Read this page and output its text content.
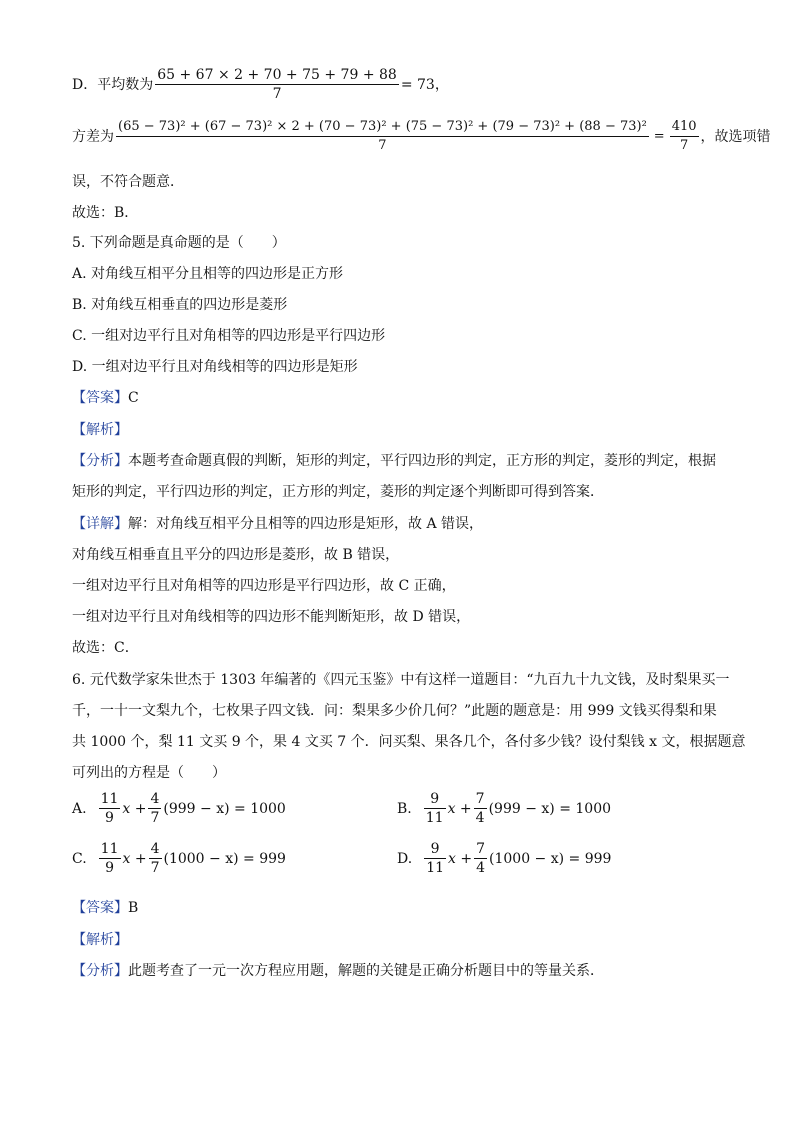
D．平均数为 $\frac{65 + 67 \times 2 + 70 + 75 + 79 + 88}{7} = 73$，
方差为
(65 − 73)² + (67 − 73)² × 2 + (70 − 73)² + (75 − 73)² + (79 − 73)² + (88 − 73)²
7
= $\frac{410}{7}$ ，故选项错
误，不符合题意．
故选：B．
5. 下列命题是真命题的是（　　）
A. 对角线互相平分且相等的四边形是正方形
B. 对角线互相垂直的四边形是菱形
C. 一组对边平行且对角相等的四边形是平行四边形
D. 一组对边平行且对角线相等的四边形是矩形
【答案】C
【解析】
【分析】本题考查命题真假的判断，矩形的判定，平行四边形的判定，正方形的判定，菱形的判定，根据
矩形的判定，平行四边形的判定，正方形的判定，菱形的判定逐个判断即可得到答案．
【详解】解：对角线互相平分且相等的四边形是矩形，故 A 错误，
对角线互相垂直且平分的四边形是菱形，故 B 错误，
一组对边平行且对角相等的四边形是平行四边形，故 C 正确，
一组对边平行且对角线相等的四边形不能判断矩形，故 D 错误，
故选：C．
6. 元代数学家朱世杰于 1303 年编著的《四元玉鉴》中有这样一道题目：“九百九十九文钱，及时梨果买一
千，一十一文梨九个，七枚果子四文钱．问：梨果多少价几何？”此题的题意是：用 999 文钱买得梨和果
共 1000 个，梨 11 文买 9 个，果 4 文买 7 个．问买梨、果各几个，各付多少钱？设付梨钱 x 文，根据题意
可列出的方程是（　　）
A. $\frac{11}{9}$ $x + \frac{4}{7} (999 - x) = 1000$	B. $\frac{9}{11}$ $x + \frac{7}{4} (999 - x) = 1000$
C. $\frac{11}{9}$ $x + \frac{4}{7} (1000 - x) = 999$	D. $\frac{9}{11}$ $x + \frac{7}{4} (1000 - x) = 999$
【答案】B
【解析】
【分析】此题考查了一元一次方程应用题，解题的关键是正确分析题目中的等量关系．
